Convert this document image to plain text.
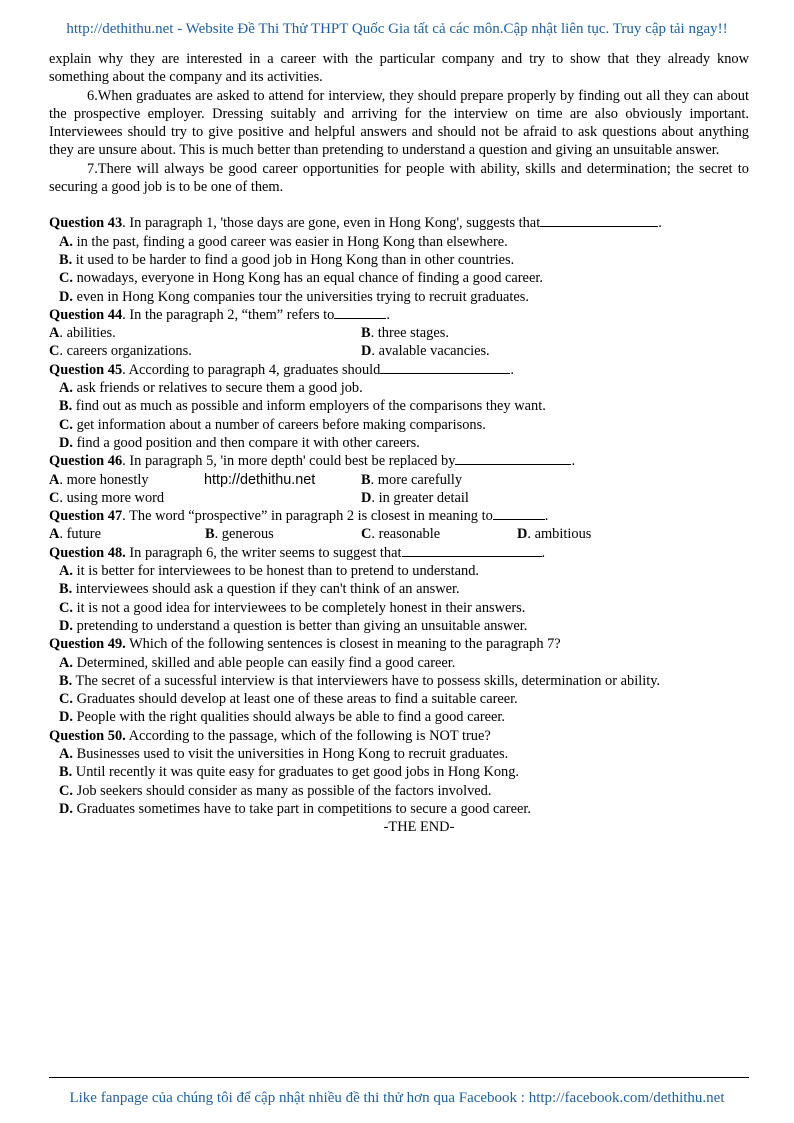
http://dethithu.net - Website Đề Thi Thử THPT Quốc Gia tất cả các môn.Cập nhật liên tục. Truy cập tải ngay!!

explain why they are interested in a career with the particular company and try to show that they already know something about the company and its activities.

6.When graduates are asked to attend for interview, they should prepare properly by finding out all they can about the prospective employer. Dressing suitably and arriving for the interview on time are also obviously important. Interviewees should try to give positive and helpful answers and should not be afraid to ask questions about anything they are unsure about. This is much better than pretending to understand a question and giving an unsuitable answer.

7.There will always be good career opportunities for people with ability, skills and determination; the secret to securing a good job is to be one of them.

Question 43. In paragraph 1, 'those days are gone, even in Hong Kong', suggests that	.

A. in the past, finding a good career was easier in Hong Kong than elsewhere.

B. it used to be harder to find a good job in Hong Kong than in other countries.

C. nowadays, everyone in Hong Kong has an equal chance of finding a good career.

D. even in Hong Kong companies tour the universities trying to recruit graduates.

Question 44. In the paragraph 2, “them” refers to	.

A. abilities.	B. three stages.
C. careers organizations.	D. avalable vacancies.

Question 45. According to paragraph 4, graduates should	.

A. ask friends or relatives to secure them a good job.

B. find out as much as possible and inform employers of the comparisons they want.

C. get information about a number of careers before making comparisons.

D. find a good position and then compare it with other careers.

Question 46. In paragraph 5, 'in more depth' could best be replaced by	.

A. more honestly	http://dethithu.net	B. more carefully
C. using more word	D. in greater detail

Question 47. The word “prospective” in paragraph 2 is closest in meaning to	.

A. future	B. generous	C. reasonable	D. ambitious

Question 48. In paragraph 6, the writer seems to suggest that	.

A. it is better for interviewees to be honest than to pretend to understand.

B. interviewees should ask a question if they can't think of an answer.

C. it is not a good idea for interviewees to be completely honest in their answers.

D. pretending to understand a question is better than giving an unsuitable answer.

Question 49. Which of the following sentences is closest in meaning to the paragraph 7?

A. Determined, skilled and able people can easily find a good career.

B. The secret of a sucessful interview is that interviewers have to possess skills, determination or ability.

C. Graduates should develop at least one of these areas to find a suitable career.

D. People with the right qualities should always be able to find a good career.

Question 50. According to the passage, which of the following is NOT true?

A. Businesses used to visit the universities in Hong Kong to recruit graduates.

B. Until recently it was quite easy for graduates to get good jobs in Hong Kong.

C. Job seekers should consider as many as possible of the factors involved.

D. Graduates sometimes have to take part in competitions to secure a good career.

-THE END-

Like fanpage của chúng tôi để cập nhật nhiều đề thi thử hơn qua Facebook : http://facebook.com/dethithu.net
